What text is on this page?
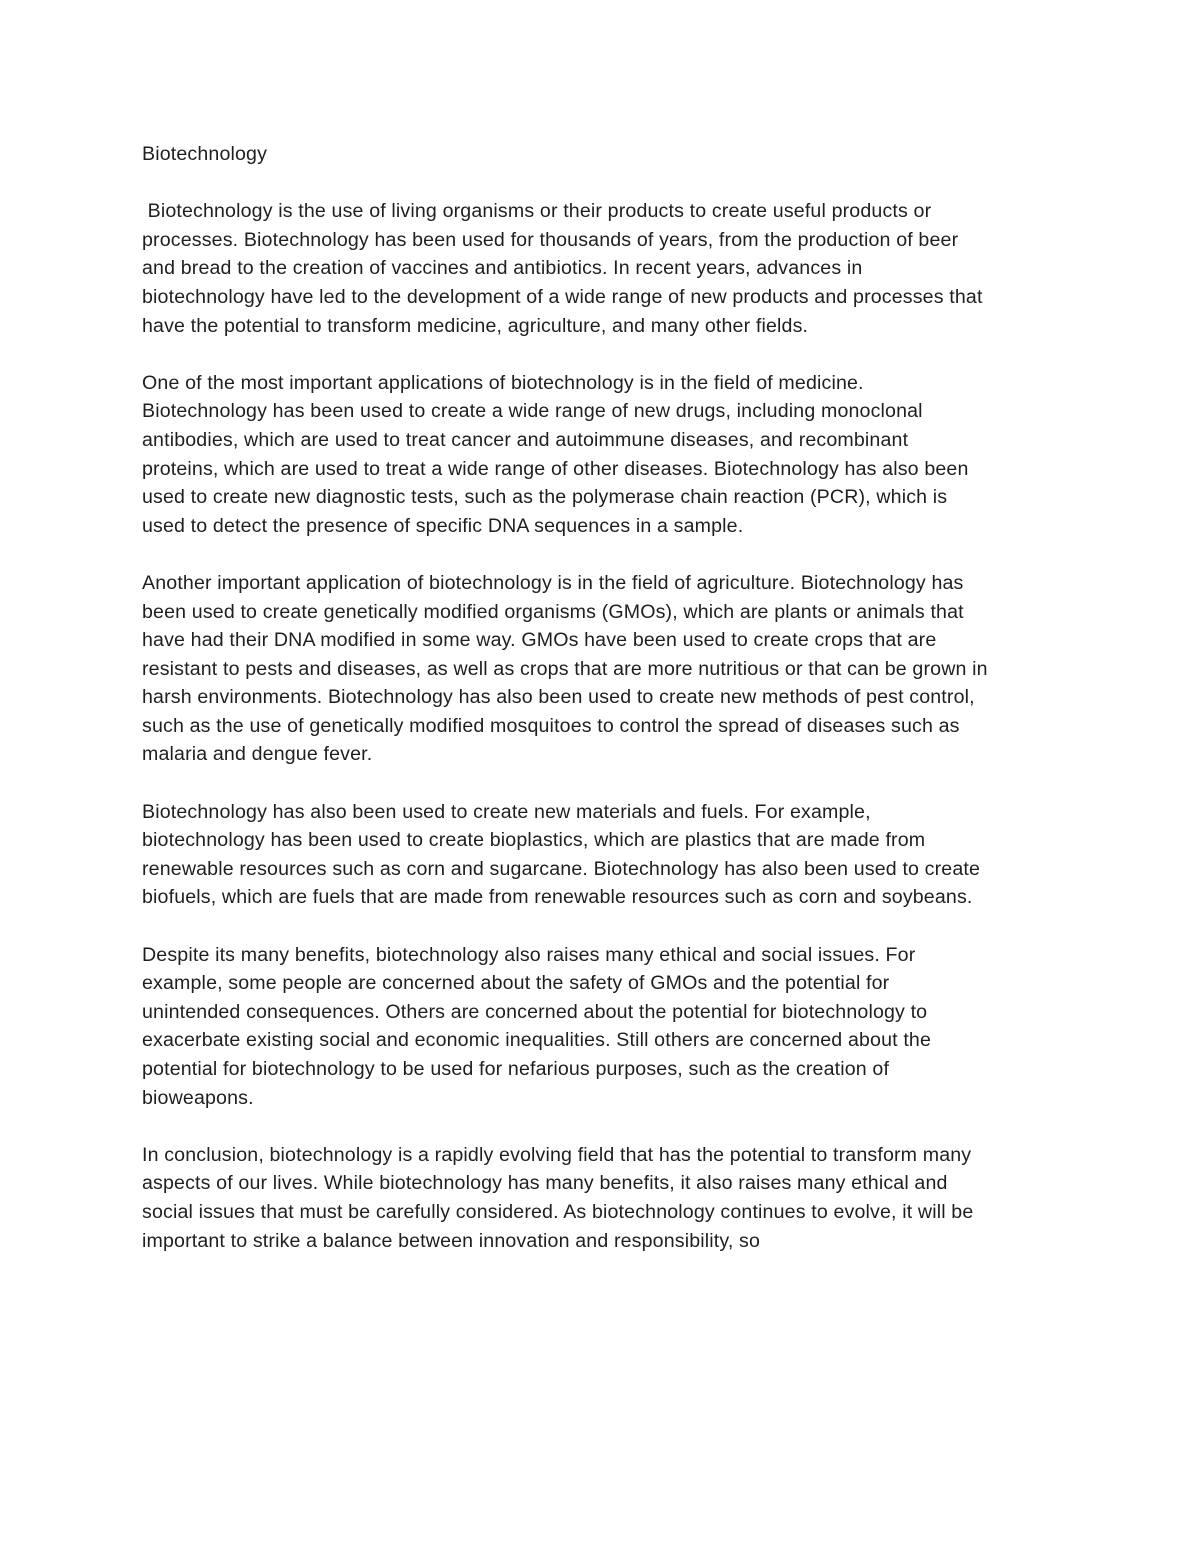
Biotechnology

Biotechnology is the use of living organisms or their products to create useful products or
processes. Biotechnology has been used for thousands of years, from the production of beer
and bread to the creation of vaccines and antibiotics. In recent years, advances in
biotechnology have led to the development of a wide range of new products and processes that
have the potential to transform medicine, agriculture, and many other fields.

One of the most important applications of biotechnology is in the field of medicine.
Biotechnology has been used to create a wide range of new drugs, including monoclonal
antibodies, which are used to treat cancer and autoimmune diseases, and recombinant
proteins, which are used to treat a wide range of other diseases. Biotechnology has also been
used to create new diagnostic tests, such as the polymerase chain reaction (PCR), which is
used to detect the presence of specific DNA sequences in a sample.

Another important application of biotechnology is in the field of agriculture. Biotechnology has
been used to create genetically modified organisms (GMOs), which are plants or animals that
have had their DNA modified in some way. GMOs have been used to create crops that are
resistant to pests and diseases, as well as crops that are more nutritious or that can be grown in
harsh environments. Biotechnology has also been used to create new methods of pest control,
such as the use of genetically modified mosquitoes to control the spread of diseases such as
malaria and dengue fever.

Biotechnology has also been used to create new materials and fuels. For example,
biotechnology has been used to create bioplastics, which are plastics that are made from
renewable resources such as corn and sugarcane. Biotechnology has also been used to create
biofuels, which are fuels that are made from renewable resources such as corn and soybeans.

Despite its many benefits, biotechnology also raises many ethical and social issues. For
example, some people are concerned about the safety of GMOs and the potential for
unintended consequences. Others are concerned about the potential for biotechnology to
exacerbate existing social and economic inequalities. Still others are concerned about the
potential for biotechnology to be used for nefarious purposes, such as the creation of
bioweapons.

In conclusion, biotechnology is a rapidly evolving field that has the potential to transform many
aspects of our lives. While biotechnology has many benefits, it also raises many ethical and
social issues that must be carefully considered. As biotechnology continues to evolve, it will be
important to strike a balance between innovation and responsibility, so
